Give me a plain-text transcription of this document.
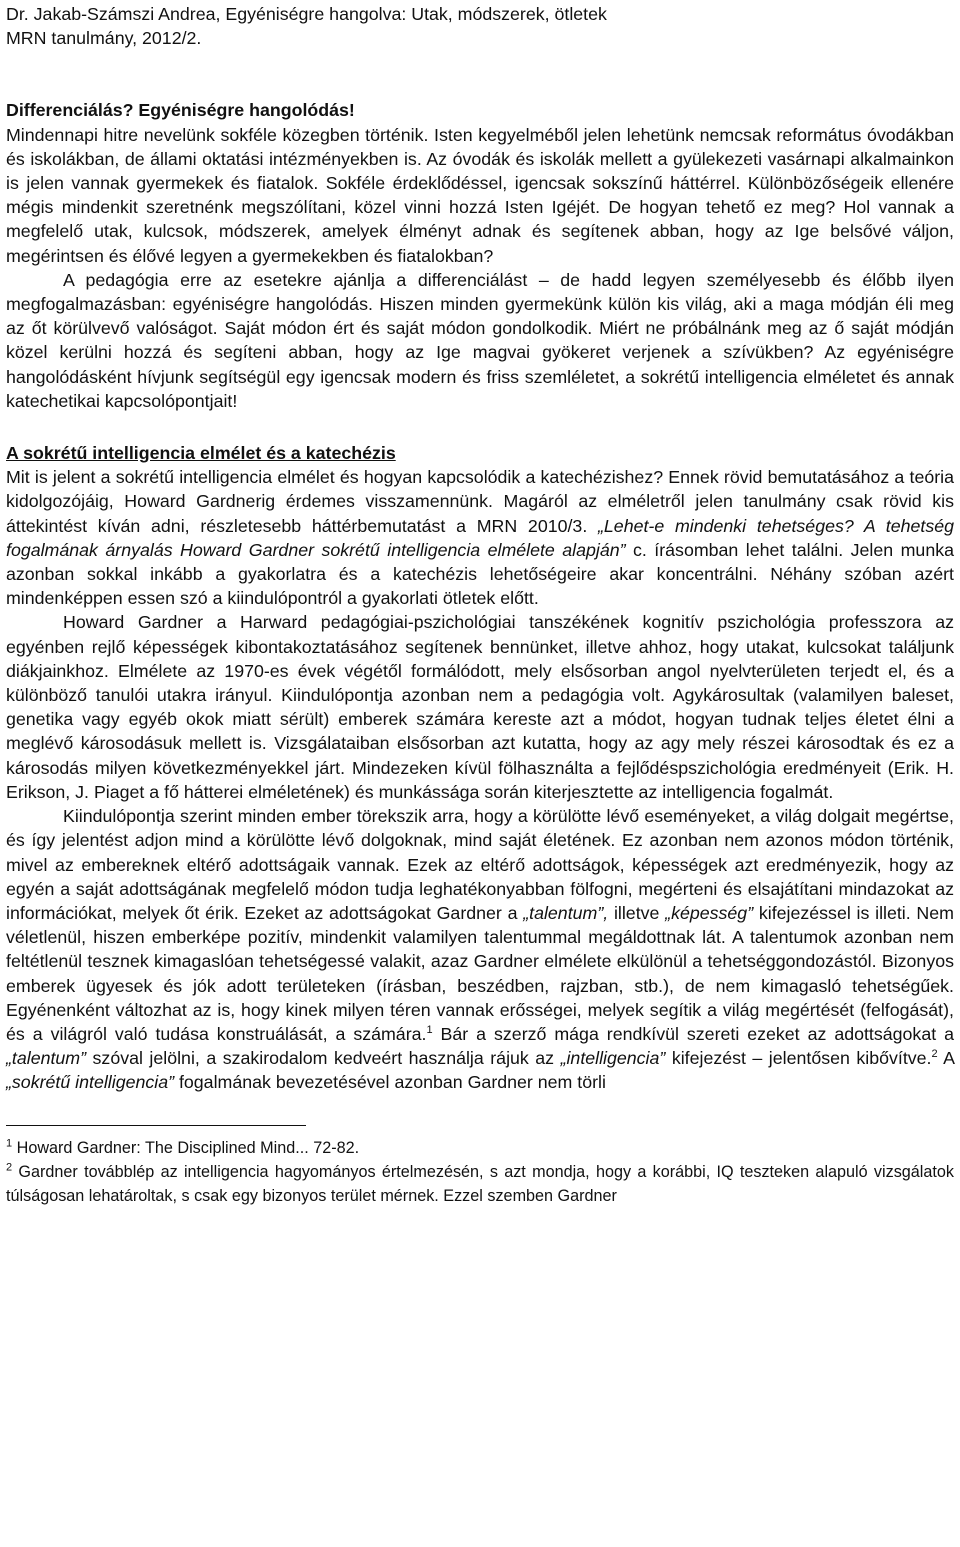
Dr. Jakab-Számszi Andrea, Egyéniségre hangolva: Utak, módszerek, ötletek
MRN tanulmány, 2012/2.
Differenciálás? Egyéniségre hangolódás!

Mindennapi hitre nevelünk sokféle közegben történik. Isten kegyelméből jelen lehetünk nemcsak református óvodákban és iskolákban, de állami oktatási intézményekben is. Az óvodák és iskolák mellett a gyülekezeti vasárnapi alkalmainkon is jelen vannak gyermekek és fiatalok. Sokféle érdeklődéssel, igencsak sokszínű háttérrel. Különbözőségeik ellenére mégis mindenkit szeretnénk megszólítani, közel vinni hozzá Isten Igéjét. De hogyan tehető ez meg? Hol vannak a megfelelő utak, kulcsok, módszerek, amelyek élményt adnak és segítenek abban, hogy az Ige belsővé váljon, megérintsen és élővé legyen a gyermekekben és fiatalokban?

A pedagógia erre az esetekre ajánlja a differenciálást – de hadd legyen személyesebb és élőbb ilyen megfogalmazásban: egyéniségre hangolódás. Hiszen minden gyermekünk külön kis világ, aki a maga módján éli meg az őt körülvevő valóságot. Saját módon ért és saját módon gondolkodik. Miért ne próbálnánk meg az ő saját módján közel kerülni hozzá és segíteni abban, hogy az Ige magvai gyökeret verjenek a szívükben? Az egyéniségre hangolódásként hívjunk segítségül egy igencsak modern és friss szemléletet, a sokrétű intelligencia elméletet és annak katechetikai kapcsolópontjait!

A sokrétű intelligencia elmélet és a katechézis

Mit is jelent a sokrétű intelligencia elmélet és hogyan kapcsolódik a katechézishez? Ennek rövid bemutatásához a teória kidolgozójáig, Howard Gardnerig érdemes visszamennünk. Magáról az elméletről jelen tanulmány csak rövid kis áttekintést kíván adni, részletesebb háttérbemutatást a MRN 2010/3. „Lehet-e mindenki tehetséges? A tehetség fogalmának árnyalás Howard Gardner sokrétű intelligencia elmélete alapján” c. írásomban lehet találni. Jelen munka azonban sokkal inkább a gyakorlatra és a katechézis lehetőségeire akar koncentrálni. Néhány szóban azért mindenképpen essen szó a kiindulópontról a gyakorlati ötletek előtt.

Howard Gardner a Harward pedagógiai-pszichológiai tanszékének kognitív pszichológia professzora az egyénben rejlő képességek kibontakoztatásához segítenek bennünket, illetve ahhoz, hogy utakat, kulcsokat találjunk diákjainkhoz. Elmélete az 1970-es évek végétől formálódott, mely elsősorban angol nyelvterületen terjedt el, és a különböző tanulói utakra irányul. Kiindulópontja azonban nem a pedagógia volt. Agykárosultak (valamilyen baleset, genetika vagy egyéb okok miatt sérült) emberek számára kereste azt a módot, hogyan tudnak teljes életet élni a meglévő károsodásuk mellett is. Vizsgálataiban elsősorban azt kutatta, hogy az agy mely részei károsodtak és ez a károsodás milyen következményekkel járt. Mindezeken kívül fölhasználta a fejlődéspszichológia eredményeit (Erik. H. Erikson, J. Piaget a fő hátterei elméletének) és munkássága során kiterjesztette az intelligencia fogalmát.

Kiindulópontja szerint minden ember törekszik arra, hogy a körülötte lévő eseményeket, a világ dolgait megértse, és így jelentést adjon mind a körülötte lévő dolgoknak, mind saját életének. Ez azonban nem azonos módon történik, mivel az embereknek eltérő adottságaik vannak. Ezek az eltérő adottságok, képességek azt eredményezik, hogy az egyén a saját adottságának megfelelő módon tudja leghatékonyabban fölfogni, megérteni és elsajátítani mindazokat az információkat, melyek őt érik. Ezeket az adottságokat Gardner a „talentum”, illetve „képesség” kifejezéssel is illeti. Nem véletlenül, hiszen emberképe pozitív, mindenkit valamilyen talentummal megáldottnak lát. A talentumok azonban nem feltétlenül tesznek kimagaslóan tehetségessé valakit, azaz Gardner elmélete elkülönül a tehetséggondozástól. Bizonyos emberek ügyesek és jók adott területeken (írásban, beszédben, rajzban, stb.), de nem kimagasló tehetségűek. Egyénenként változhat az is, hogy kinek milyen téren vannak erősségei, melyek segítik a világ megértését (felfogását), és a világról való tudása konstruálását, a számára.$^1$ Bár a szerző mága rendkívül szereti ezeket az adottságokat a „talentum” szóval jelölni, a szakirodalom kedveért használja rájuk az „intelligencia” kifejezést – jelentősen kibővítve.$^2$ A „sokrétű intelligencia” fogalmának bevezetésével azonban Gardner nem törli

$^1$ Howard Gardner: The Disciplined Mind... 72-82.
$^2$ Gardner továbblép az intelligencia hagyományos értelmezésén, s azt mondja, hogy a korábbi, IQ teszteken alapuló vizsgálatok túlságosan lehatároltak, s csak egy bizonyos terület mérnek. Ezzel szemben Gardner
